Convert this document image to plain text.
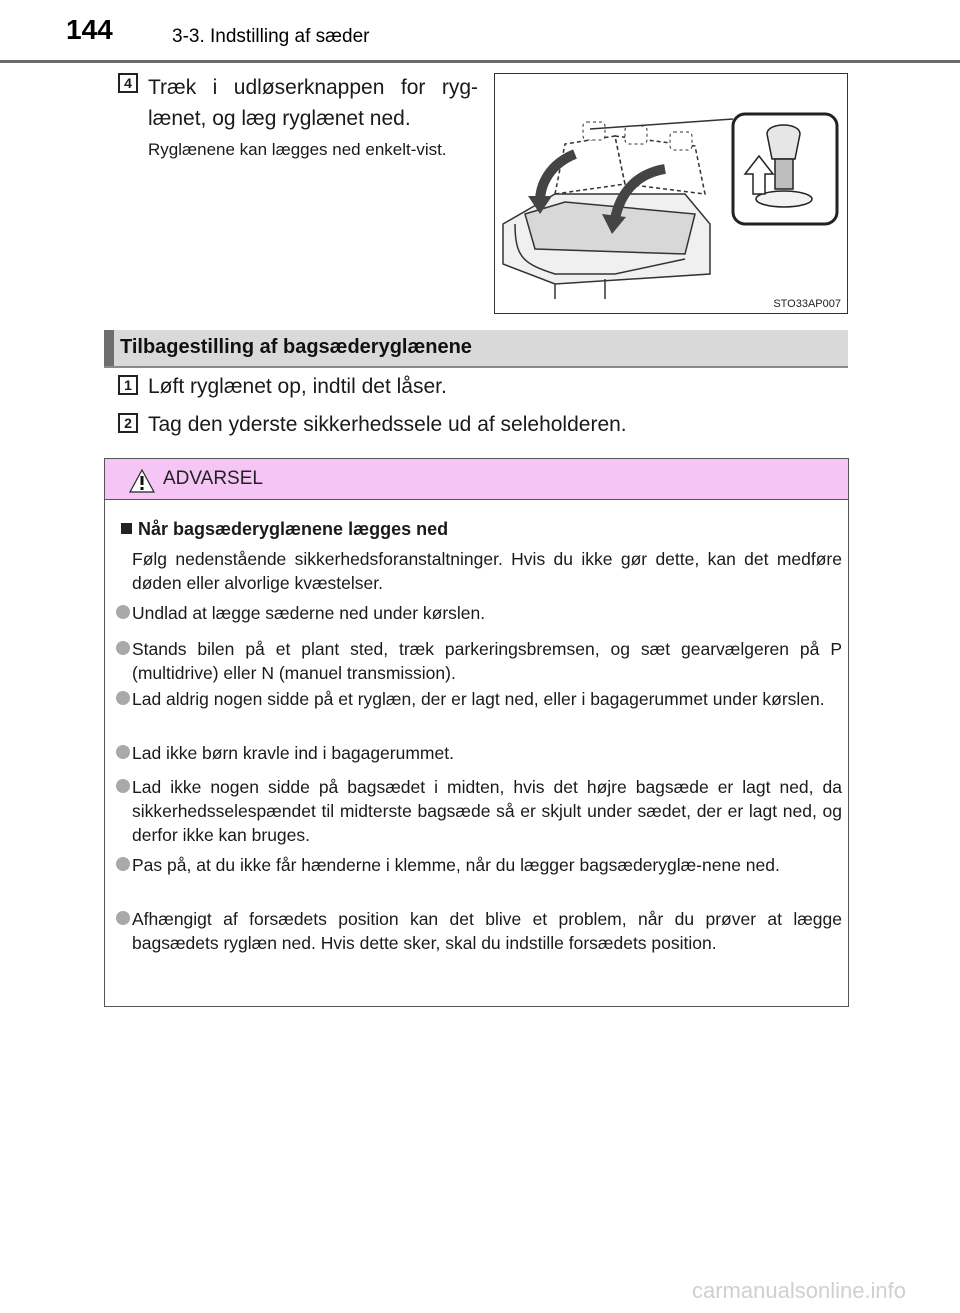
144	3-3. Indstilling af sæder
4 Træk i udløserknappen for ryg-lænet, og læg ryglænet ned.
Ryglænene kan lægges ned enkelt-vist.
STO33AP007
Tilbagestilling af bagsæderyglænene
1 Løft ryglænet op, indtil det låser.
2 Tag den yderste sikkerhedssele ud af seleholderen.
ADVARSEL
Når bagsæderyglænene lægges ned
Følg nedenstående sikkerhedsforanstaltninger. Hvis du ikke gør dette, kan det medføre døden eller alvorlige kvæstelser.
Undlad at lægge sæderne ned under kørslen.
Stands bilen på et plant sted, træk parkeringsbremsen, og sæt gearvælgeren på P (multidrive) eller N (manuel transmission).
Lad aldrig nogen sidde på et ryglæn, der er lagt ned, eller i bagagerummet under kørslen.
Lad ikke børn kravle ind i bagagerummet.
Lad ikke nogen sidde på bagsædet i midten, hvis det højre bagsæde er lagt ned, da sikkerhedsselespændet til midterste bagsæde så er skjult under sædet, der er lagt ned, og derfor ikke kan bruges.
Pas på, at du ikke får hænderne i klemme, når du lægger bagsæderyglæ-nene ned.
Afhængigt af forsædets position kan det blive et problem, når du prøver at lægge bagsædets ryglæn ned. Hvis dette sker, skal du indstille forsædets position.
carmanualsonline.info
